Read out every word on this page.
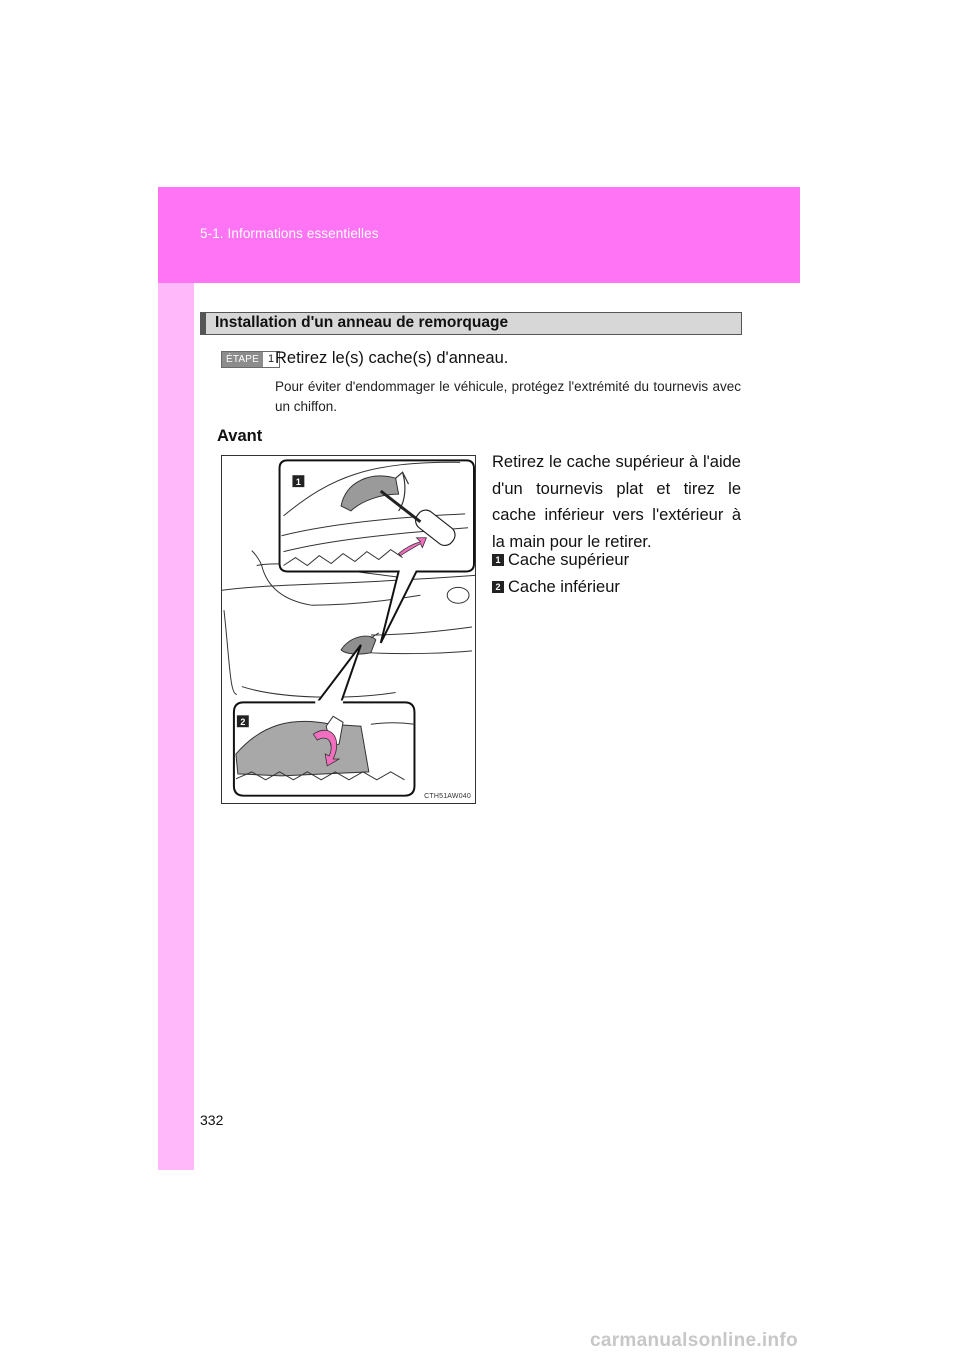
5-1. Informations essentielles
Installation d'un anneau de remorquage
ÉTAPE 1 Retirez le(s) cache(s) d'anneau.
Pour éviter d'endommager le véhicule, protégez l'extrémité du tournevis avec un chiffon.
Avant
1
2
CTH51AW040
Retirez le cache supérieur à l'aide d'un tournevis plat et tirez le cache inférieur vers l'extérieur à la main pour le retirer.
1 Cache supérieur
2 Cache inférieur
332
carmanualsonline.info
